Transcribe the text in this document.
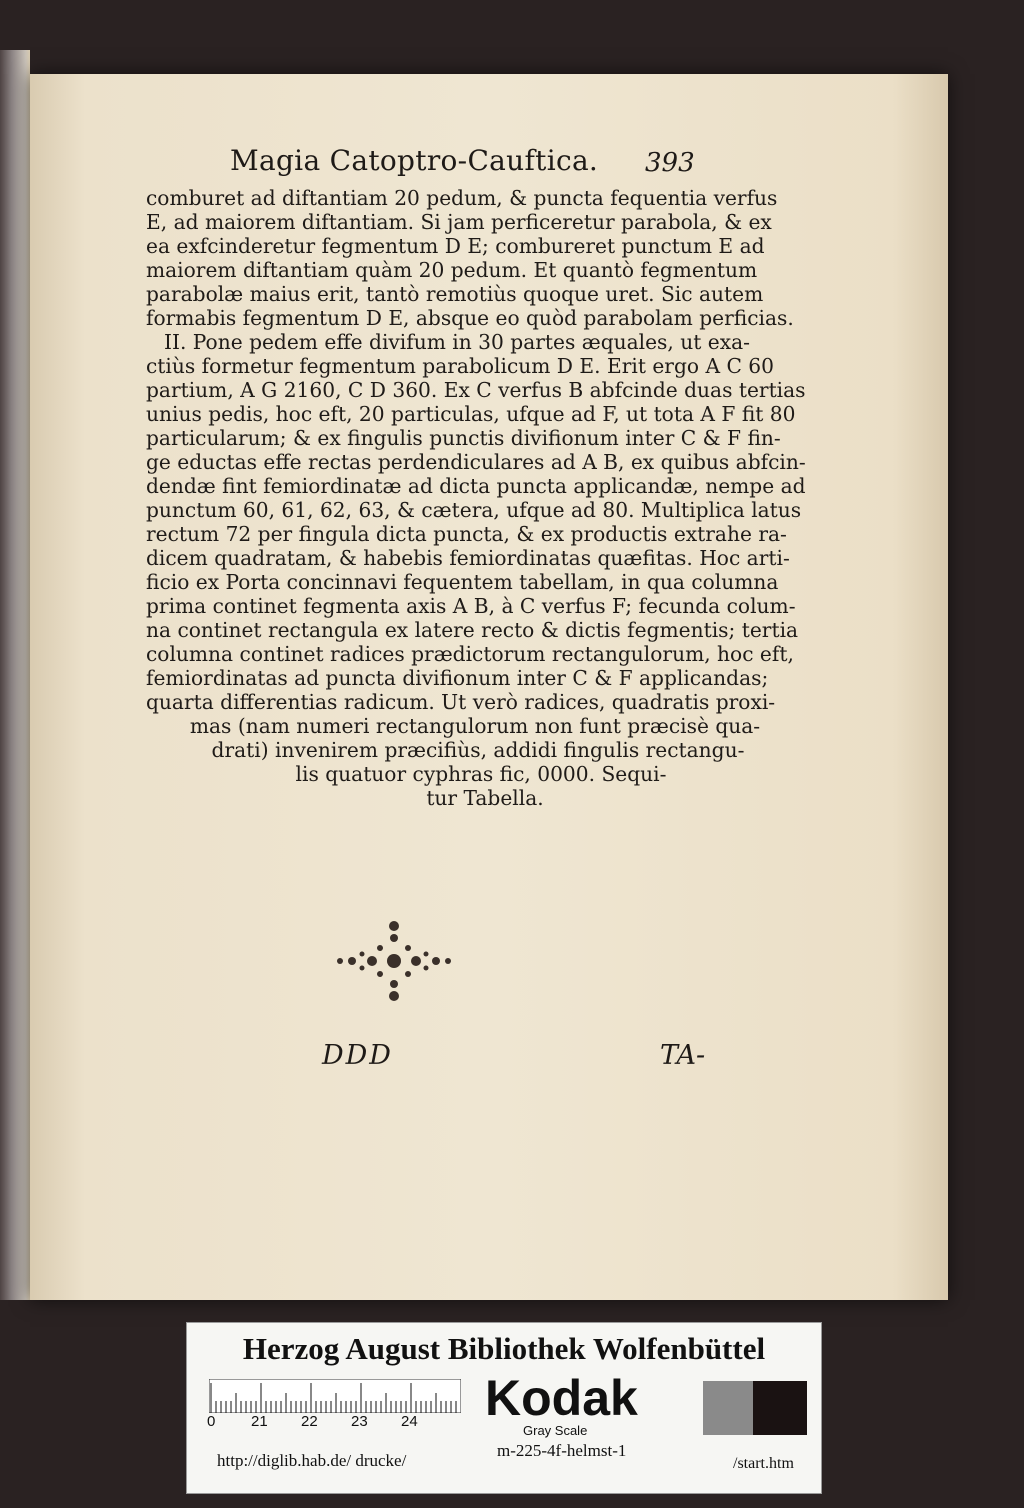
Magia Catoptro-Cauftica. 393
comburet ad diftantiam 20 pedum, & puncta fequentia verfus
E, ad maiorem diftantiam. Si jam perficeretur parabola, & ex
ea exfcinderetur fegmentum D E; combureret punctum E ad
maiorem diftantiam quàm 20 pedum. Et quantò fegmentum
parabolæ maius erit, tantò remotiùs quoque uret. Sic autem
formabis fegmentum D E, absque eo quòd parabolam perficias.
II. Pone pedem effe divifum in 30 partes æquales, ut exa-
ctiùs formetur fegmentum parabolicum D E. Erit ergo A C 60
partium, A G 2160, C D 360. Ex C verfus B abfcinde duas tertias
unius pedis, hoc eft, 20 particulas, ufque ad F, ut tota A F fit 80
particularum; & ex fingulis punctis divifionum inter C & F fin-
ge eductas effe rectas perdendiculares ad A B, ex quibus abfcin-
dendæ fint femiordinatæ ad dicta puncta applicandæ, nempe ad
punctum 60, 61, 62, 63, & cætera, ufque ad 80. Multiplica latus
rectum 72 per fingula dicta puncta, & ex productis extrahe ra-
dicem quadratam, & habebis femiordinatas quæfitas. Hoc arti-
ficio ex Porta concinnavi fequentem tabellam, in qua columna
prima continet fegmenta axis A B, à C verfus F; fecunda colum-
na continet rectangula ex latere recto & dictis fegmentis; tertia
columna continet radices prædictorum rectangulorum, hoc eft,
femiordinatas ad puncta divifionum inter C & F applicandas;
quarta differentias radicum. Ut verò radices, quadratis proxi-
mas (nam numeri rectangulorum non funt præcisè qua-
drati) invenirem præcifiùs, addidi fingulis rectangu-
lis quatuor cyphras fic, 0000. Sequi-
tur Tabella.
DDD	TA-
Herzog August Bibliothek Wolfenbüttel
0 21 22 23 24 Kodak
Gray Scale
http://diglib.hab.de/ drucke/
m-225-4f-helmst-1
/start.htm
